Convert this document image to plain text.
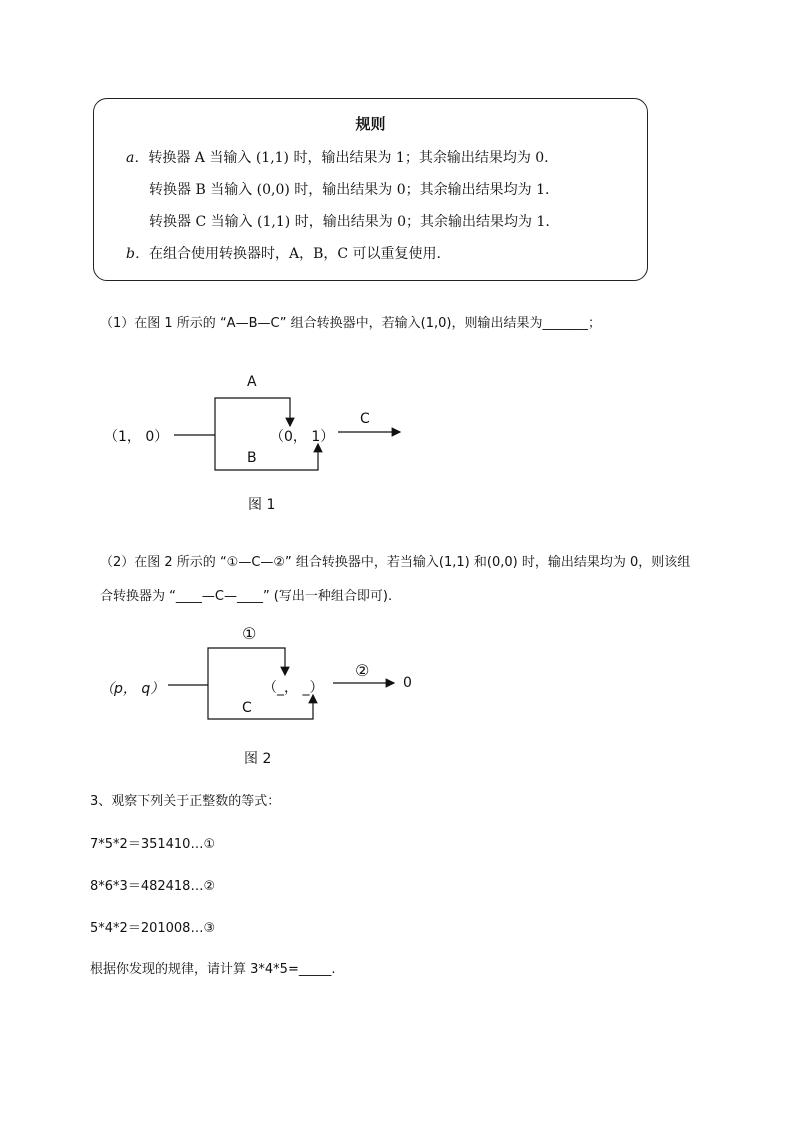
规则
a．转换器 A 当输入 (1,1) 时，输出结果为 1；其余输出结果均为 0.
转换器 B 当输入 (0,0) 时，输出结果为 0；其余输出结果均为 1.
转换器 C 当输入 (1,1) 时，输出结果为 0；其余输出结果均为 1.
b．在组合使用转换器时，A，B，C 可以重复使用.
（1）在图 1 所示的 “A—B—C” 组合转换器中，若输入(1,0)，则输出结果为_______；
（1， 0）
A
B
（0， 1）
C
图 1
（2）在图 2 所示的 “①—C—②” 组合转换器中，若当输入(1,1) 和(0,0) 时，输出结果均为 0，则该组
合转换器为 “____—C—____” (写出一种组合即可).
（p， q）
①
C
（_， _）
②
0
图 2
3、观察下列关于正整数的等式：
7*5*2＝351410…①
8*6*3＝482418…②
5*4*2＝201008…③
根据你发现的规律，请计算 3*4*5=_____.
